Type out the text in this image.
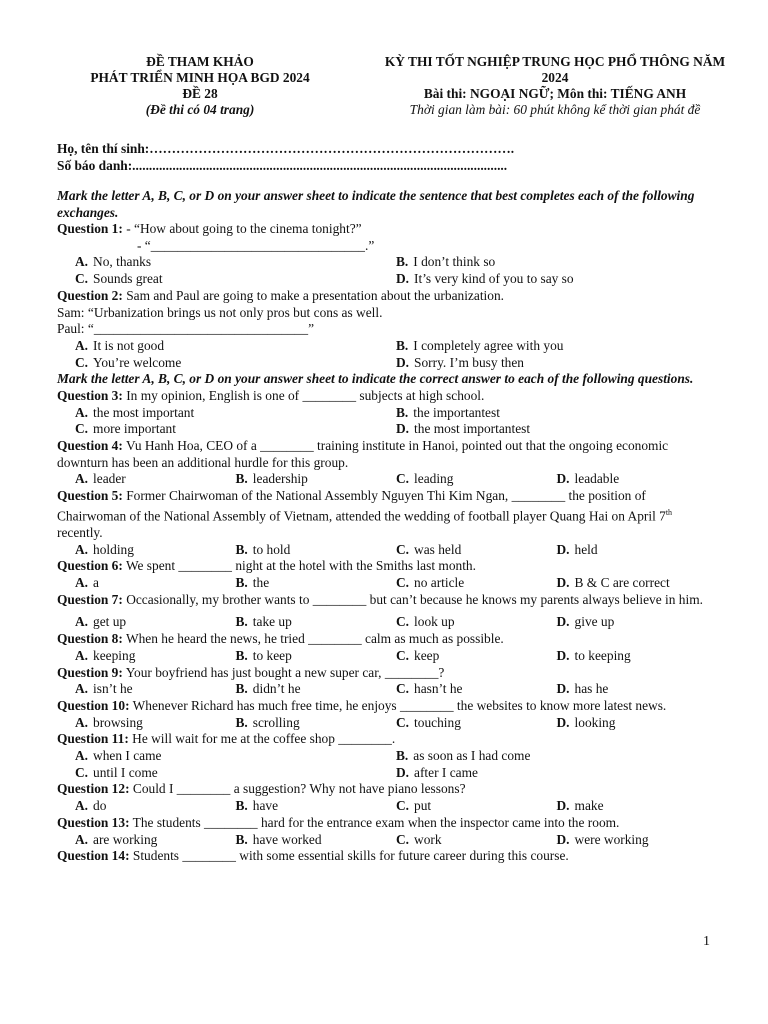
ĐỀ THAM KHẢO
PHÁT TRIỂN MINH HỌA BGD 2024
ĐỀ 28
(Đề thi có 04 trang)
KỲ THI TỐT NGHIỆP TRUNG HỌC PHỔ THÔNG NĂM
2024
Bài thi: NGOẠI NGỮ; Môn thi: TIẾNG ANH
Thời gian làm bài: 60 phút không kể thời gian phát đề
Họ, tên thí sinh:……………………………………………………………………….
Số báo danh:................................................................................................................

Mark the letter A, B, C, or D on your answer sheet to indicate the sentence that best completes each of the following exchanges.

Question 1: - “How about going to the cinema tonight?”

- “________________________________.”

A. No, thanks	B. I don’t think so
C. Sounds great	D. It’s very kind of you to say so

Question 2: Sam and Paul are going to make a presentation about the urbanization.

Sam: “Urbanization brings us not only pros but cons as well.

Paul: “________________________________”

A. It is not good	B. I completely agree with you
C. You’re welcome	D. Sorry. I’m busy then

Mark the letter A, B, C, or D on your answer sheet to indicate the correct answer to each of the following questions.

Question 3: In my opinion, English is one of ________ subjects at high school.

A. the most important	B. the importantest
C. more important	D. the most importantest

Question 4: Vu Hanh Hoa, CEO of a ________ training institute in Hanoi, pointed out that the ongoing economic downturn has been an additional hurdle for this group.

A. leader	B. leadership	C. leading	D. leadable

Question 5: Former Chairwoman of the National Assembly Nguyen Thi Kim Ngan, ________ the position of Chairwoman of the National Assembly of Vietnam, attended the wedding of football player Quang Hai on April 7th recently.

A. holding	B. to hold	C. was held	D. held

Question 6: We spent ________ night at the hotel with the Smiths last month.

A. a	B. the	C. no article	D. B & C are correct

Question 7: Occasionally, my brother wants to ________ but can’t because he knows my parents always believe in him.

A. get up	B. take up	C. look up	D. give up

Question 8: When he heard the news, he tried ________ calm as much as possible.

A. keeping	B. to keep	C. keep	D. to keeping

Question 9: Your boyfriend has just bought a new super car, ________?

A. isn’t he	B. didn’t he	C. hasn’t he	D. has he

Question 10: Whenever Richard has much free time, he enjoys ________ the websites to know more latest news.

A. browsing	B. scrolling	C. touching	D. looking

Question 11: He will wait for me at the coffee shop ________.

A. when I came	B. as soon as I had come
C. until I come	D. after I came

Question 12: Could I ________ a suggestion? Why not have piano lessons?

A. do	B. have	C. put	D. make

Question 13: The students ________ hard for the entrance exam when the inspector came into the room.

A. are working	B. have worked	C. work	D. were working

Question 14: Students ________ with some essential skills for future career during this course.

1
